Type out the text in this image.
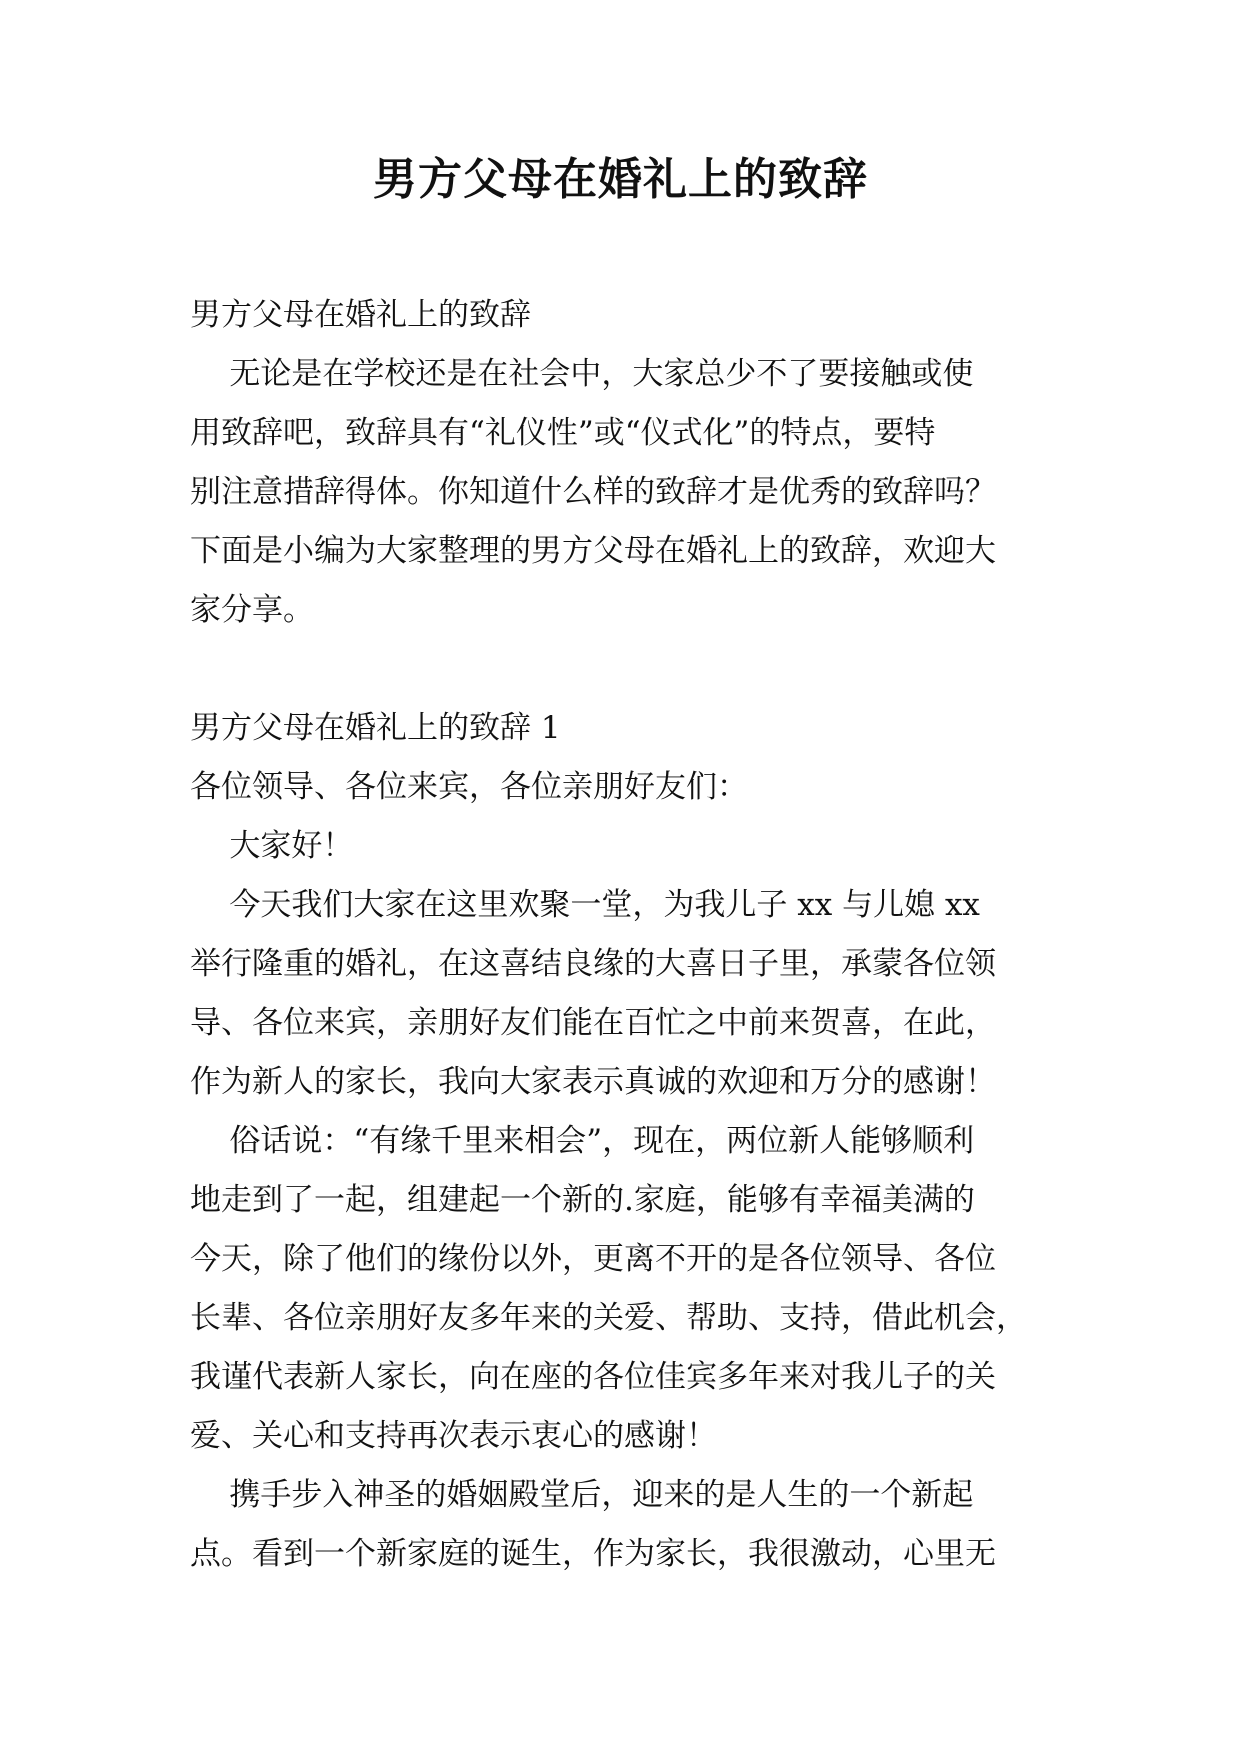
男方父母在婚礼上的致辞

男方父母在婚礼上的致辞

无论是在学校还是在社会中，大家总少不了要接触或使

用致辞吧，致辞具有“礼仪性”或“仪式化”的特点，要特

别注意措辞得体。你知道什么样的致辞才是优秀的致辞吗？

下面是小编为大家整理的男方父母在婚礼上的致辞，欢迎大

家分享。

男方父母在婚礼上的致辞 1

各位领导、各位来宾，各位亲朋好友们：

大家好！

今天我们大家在这里欢聚一堂，为我儿子 xx 与儿媳 xx

举行隆重的婚礼，在这喜结良缘的大喜日子里，承蒙各位领

导、各位来宾，亲朋好友们能在百忙之中前来贺喜，在此，

作为新人的家长，我向大家表示真诚的欢迎和万分的感谢！

俗话说：“有缘千里来相会”，现在，两位新人能够顺利

地走到了一起，组建起一个新的.家庭，能够有幸福美满的

今天，除了他们的缘份以外，更离不开的是各位领导、各位

长辈、各位亲朋好友多年来的关爱、帮助、支持，借此机会，

我谨代表新人家长，向在座的各位佳宾多年来对我儿子的关

爱、关心和支持再次表示衷心的感谢！

携手步入神圣的婚姻殿堂后，迎来的是人生的一个新起

点。看到一个新家庭的诞生，作为家长，我很激动，心里无
